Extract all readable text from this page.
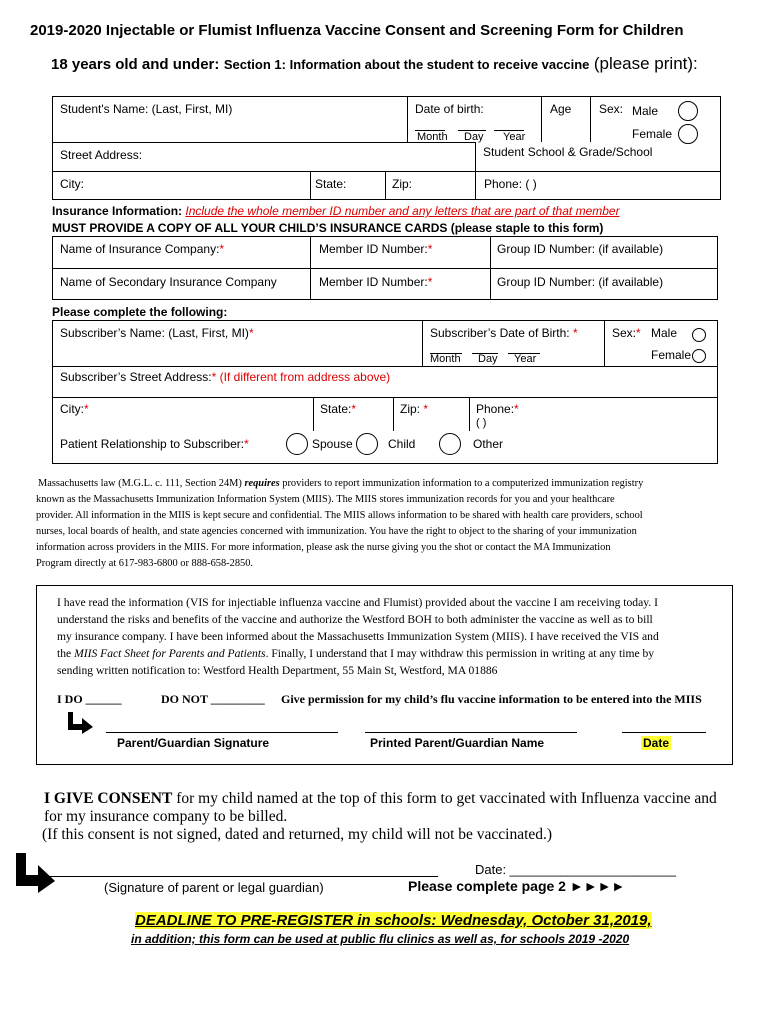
2019-2020 Injectable or Flumist Influenza Vaccine Consent and Screening Form for Children
18 years old and under: Section 1: Information about the student to receive vaccine (please print):
Student's Name: (Last, First, MI)	Date of birth:
Month Day Year
Age Sex: Male
Female
Student School & Grade/School
Street Address:
City:	State:	Zip:	Phone: ( )
Insurance Information: Include the whole member ID number and any letters that are part of that member
MUST PROVIDE A COPY OF ALL YOUR CHILD’S INSURANCE CARDS (please staple to this form)
Name of Insurance Company:*	Member ID Number:*	Group ID Number: (if available)
Name of Secondary Insurance Company	Member ID Number:*	Group ID Number: (if available)
Please complete the following:
Subscriber’s Name: (Last, First, MI)*	Subscriber’s Date of Birth: *
Month Day Year
Sex:* Male
Female
Subscriber’s Street Address:* (If different from address above)
City:*	State:*	Zip: *	Phone:*
( )
Patient Relationship to Subscriber:*	Spouse	Child	Other
Massachusetts law (M.G.L. c. 111, Section 24M) requires providers to report immunization information to a computerized immunization registry
known as the Massachusetts Immunization Information System (MIIS). The MIIS stores immunization records for you and your healthcare
provider. All information in the MIIS is kept secure and confidential. The MIIS allows information to be shared with health care providers, school
nurses, local boards of health, and state agencies concerned with immunization. You have the right to object to the sharing of your immunization
information across providers in the MIIS. For more information, please ask the nurse giving you the shot or contact the MA Immunization
Program directly at 617-983-6800 or 888-658-2850.
I have read the information (VIS for injectiable influenza vaccine and Flumist) provided about the vaccine I am receiving today. I
understand the risks and benefits of the vaccine and authorize the Westford BOH to both administer the vaccine as well as to bill
my insurance company. I have been informed about the Massachusetts Immunization System (MIIS). I have received the VIS and
the MIIS Fact Sheet for Parents and Patients. Finally, I understand that I may withdraw this permission in writing at any time by
sending written notification to: Westford Health Department, 55 Main St, Westford, MA 01886
I DO ______	DO NOT _________ Give permission for my child’s flu vaccine information to be entered into the MIIS
Parent/Guardian Signature	Printed Parent/Guardian Name	Date
I GIVE CONSENT for my child named at the top of this form to get vaccinated with Influenza vaccine and
for my insurance company to be billed.
(If this consent is not signed, dated and returned, my child will not be vaccinated.)
Date: _______________________
(Signature of parent or legal guardian)	Please complete page 2 ►►►►
DEADLINE TO PRE-REGISTER in schools: Wednesday, October 31,2019,
in addition; this form can be used at public flu clinics as well as, for schools 2019 -2020
